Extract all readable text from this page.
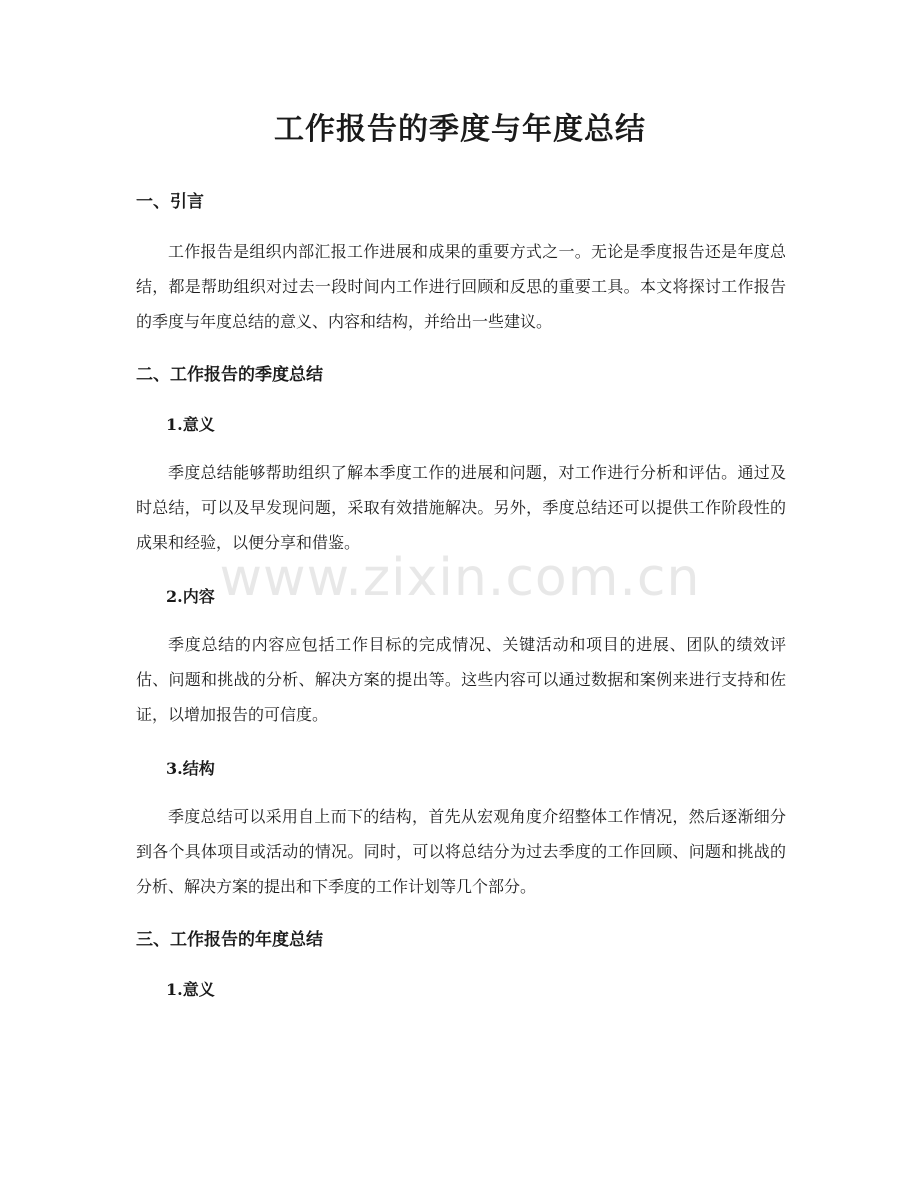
工作报告的季度与年度总结
一、引言

工作报告是组织内部汇报工作进展和成果的重要方式之一。无论是季度报告还是年度总结，都是帮助组织对过去一段时间内工作进行回顾和反思的重要工具。本文将探讨工作报告的季度与年度总结的意义、内容和结构，并给出一些建议。

二、工作报告的季度总结
1.意义

季度总结能够帮助组织了解本季度工作的进展和问题，对工作进行分析和评估。通过及时总结，可以及早发现问题，采取有效措施解决。另外，季度总结还可以提供工作阶段性的成果和经验，以便分享和借鉴。

2.内容

季度总结的内容应包括工作目标的完成情况、关键活动和项目的进展、团队的绩效评估、问题和挑战的分析、解决方案的提出等。这些内容可以通过数据和案例来进行支持和佐证，以增加报告的可信度。

3.结构

季度总结可以采用自上而下的结构，首先从宏观角度介绍整体工作情况，然后逐渐细分到各个具体项目或活动的情况。同时，可以将总结分为过去季度的工作回顾、问题和挑战的分析、解决方案的提出和下季度的工作计划等几个部分。

三、工作报告的年度总结
1.意义
www.zixin.com.cn
